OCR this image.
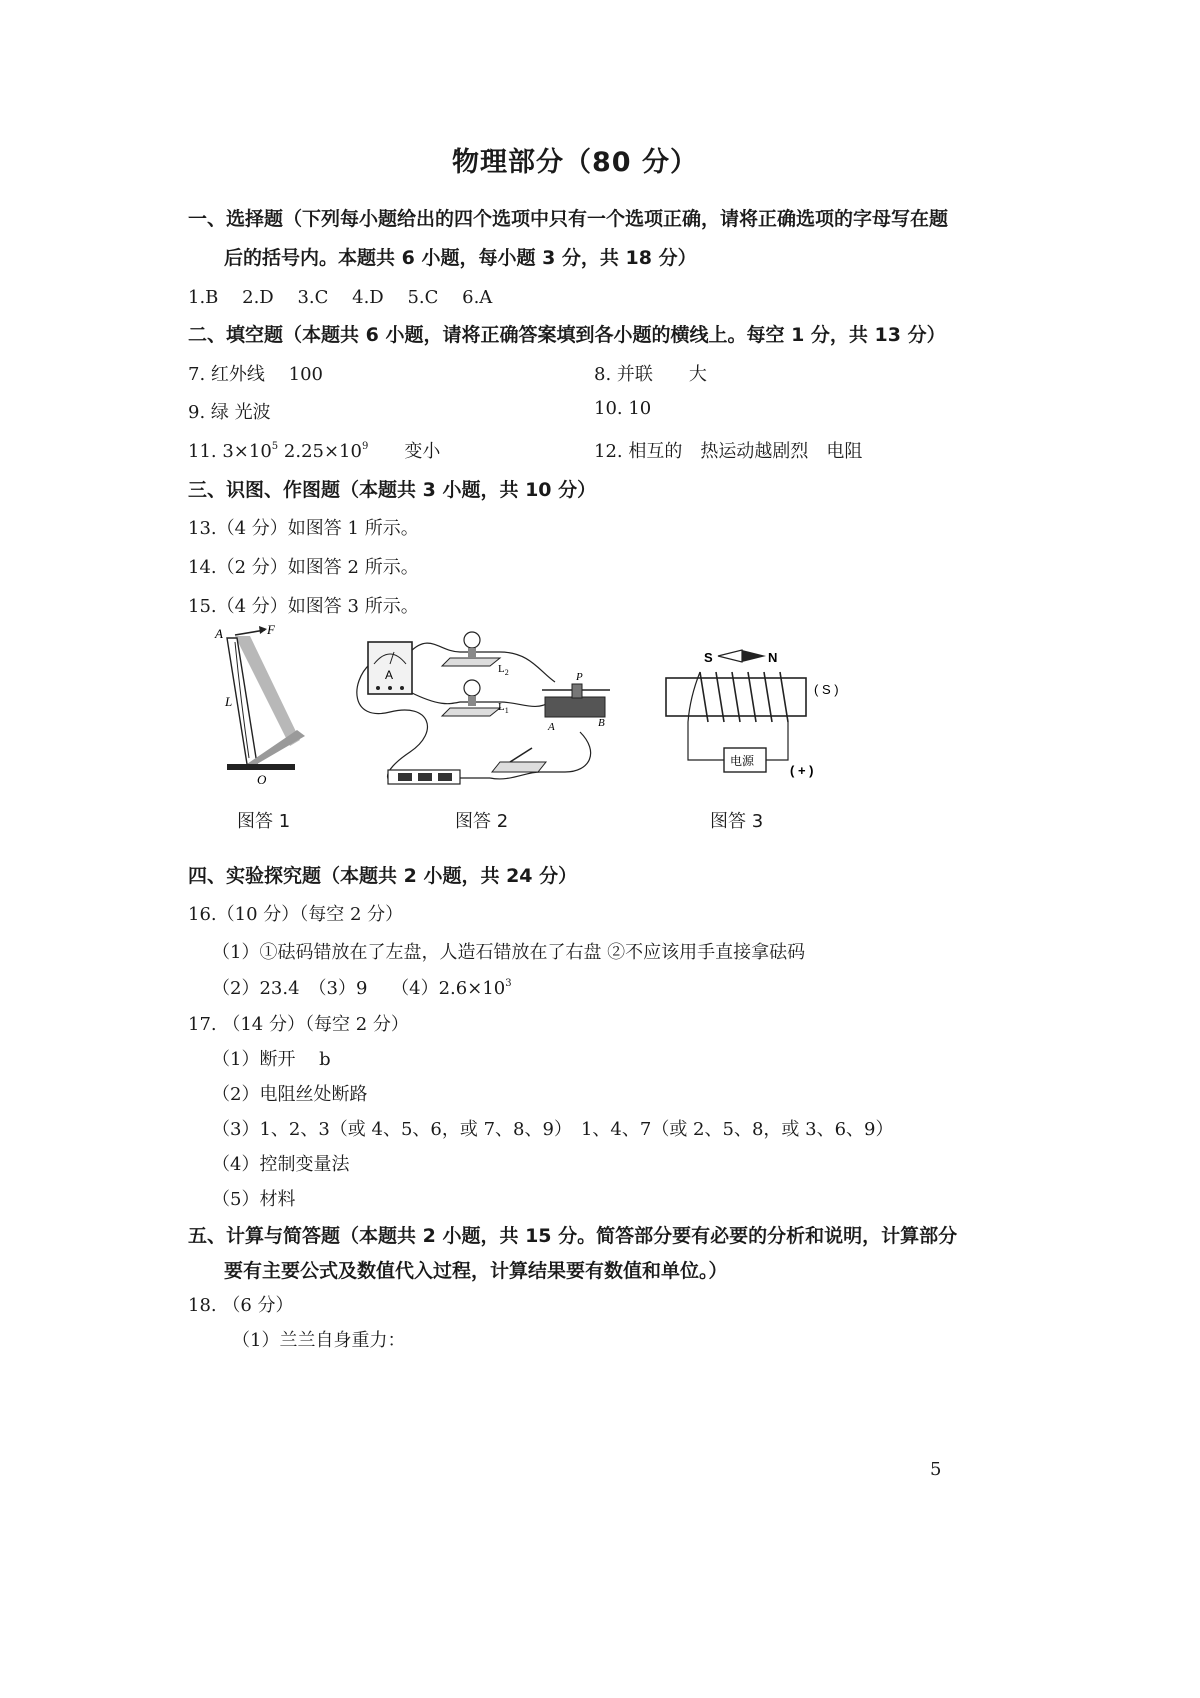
物理部分（80 分）
一、选择题（下列每小题给出的四个选项中只有一个选项正确，请将正确选项的字母写在题
后的括号内。本题共 6 小题，每小题 3 分，共 18 分）
1.B　 2.D　 3.C　 4.D　 5.C　 6.A
二、填空题（本题共 6 小题，请将正确答案填到各小题的横线上。每空 1 分，共 13 分）
7. 红外线　 100	8. 并联　　大
9. 绿 光波	10. 10
11. $3\times 10^5$ $2.25\times 10^9$　　变小	12. 相互的　热运动越剧烈　电阻
三、识图、作图题（本题共 3 小题，共 10 分）
13.（4 分）如图答 1 所示。
14.（2 分）如图答 2 所示。
15.（4 分）如图答 3 所示。
A	F
L
O
图答 1
A	$L_2$
$L_1$
P
A	B
图答 2
S	N
电源
( S )
( + )
图答 3
四、实验探究题（本题共 2 小题，共 24 分）
16.（10 分）（每空 2 分）
（1）①砝码错放在了左盘，人造石错放在了右盘 ②不应该用手直接拿砝码
（2）23.4　（3）9　 $(4)2.6\times 10^3$
17. （14 分）（每空 2 分）
（1）断开　 b
（2）电阻丝处断路
（3）1、2、3（或 4、5、6，或 7、8、9）　1、4、7（或 2、5、8，或 3、6、9）
（4）控制变量法
（5）材料
五、计算与简答题（本题共 2 小题，共 15 分。简答部分要有必要的分析和说明，计算部分
要有主要公式及数值代入过程，计算结果要有数值和单位。）
18. （6 分）
（1）兰兰自身重力：
5
